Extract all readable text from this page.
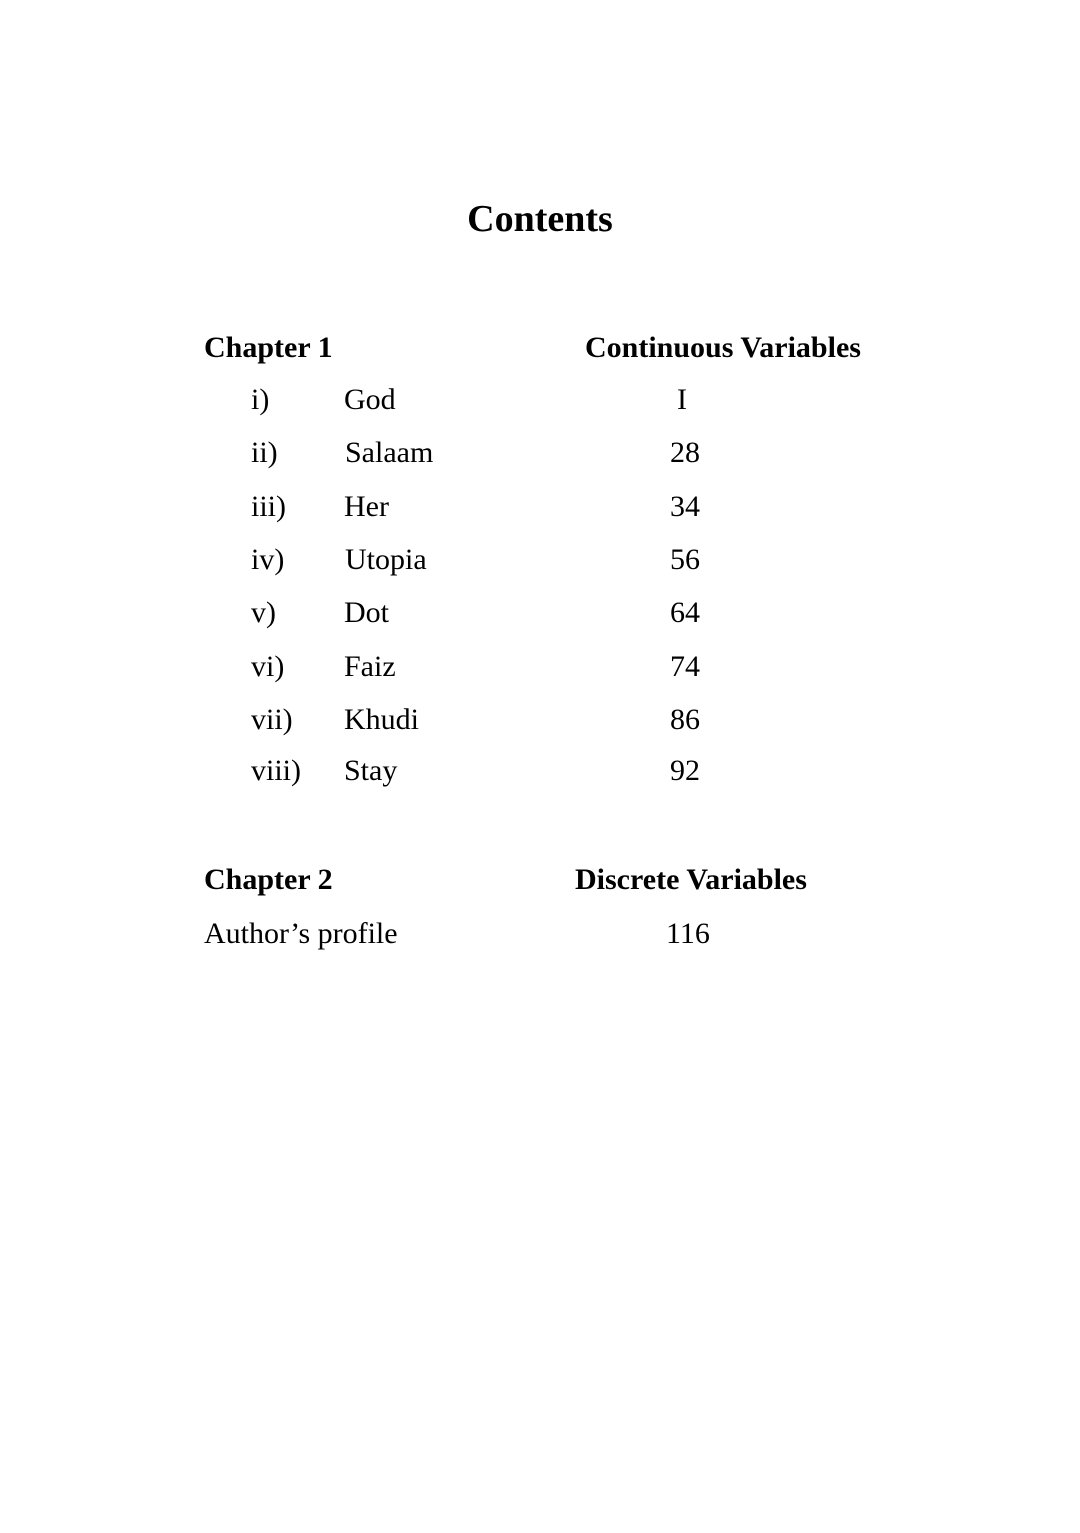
Contents
Chapter 1	Continuous Variables
i) God	I
ii) Salaam	28
iii) Her	34
iv) Utopia	56
v) Dot	64
vi) Faiz	74
vii) Khudi	86
viii) Stay	92
Chapter 2	Discrete Variables
Author’s profile	116
